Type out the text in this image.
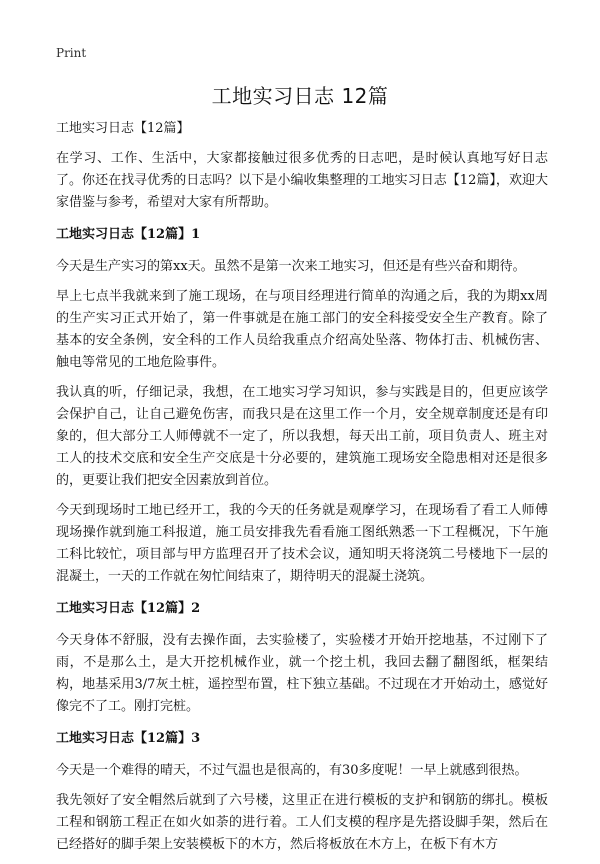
Print
工地实习日志 12篇

工地实习日志【12篇】

在学习、工作、生活中，大家都接触过很多优秀的日志吧，是时候认真地写好日志了。你还在找寻优秀的日志吗？以下是小编收集整理的工地实习日志【12篇】，欢迎大家借鉴与参考，希望对大家有所帮助。

工地实习日志【12篇】1

今天是生产实习的第xx天。虽然不是第一次来工地实习，但还是有些兴奋和期待。

早上七点半我就来到了施工现场，在与项目经理进行简单的沟通之后，我的为期xx周的生产实习正式开始了，第一件事就是在施工部门的安全科接受安全生产教育。除了基本的安全条例，安全科的工作人员给我重点介绍高处坠落、物体打击、机械伤害、触电等常见的工地危险事件。

我认真的听，仔细记录，我想，在工地实习学习知识，参与实践是目的，但更应该学会保护自己，让自己避免伤害，而我只是在这里工作一个月，安全规章制度还是有印象的，但大部分工人师傅就不一定了，所以我想，每天出工前，项目负责人、班主对工人的技术交底和安全生产交底是十分必要的，建筑施工现场安全隐患相对还是很多的，更要让我们把安全因素放到首位。

今天到现场时工地已经开工，我的今天的任务就是观摩学习，在现场看了看工人师傅现场操作就到施工科报道，施工员安排我先看看施工图纸熟悉一下工程概况，下午施工科比较忙，项目部与甲方监理召开了技术会议，通知明天将浇筑二号楼地下一层的混凝土，一天的工作就在匆忙间结束了，期待明天的混凝土浇筑。

工地实习日志【12篇】2

今天身体不舒服，没有去操作面，去实验楼了，实验楼才开始开挖地基，不过刚下了雨，不是那么土，是大开挖机械作业，就一个挖土机，我回去翻了翻图纸，框架结构，地基采用3/7灰土桩，遥控型布置，柱下独立基础。不过现在才开始动土，感觉好像完不了工。刚打完桩。

工地实习日志【12篇】3

今天是一个难得的晴天，不过气温也是很高的，有30多度呢！一早上就感到很热。

我先领好了安全帽然后就到了六号楼，这里正在进行模板的支护和钢筋的绑扎。模板工程和钢筋工程正在如火如荼的进行着。工人们支模的程序是先搭设脚手架，然后在已经搭好的脚手架上安装模板下的木方，然后将板放在木方上，在板下有木方
